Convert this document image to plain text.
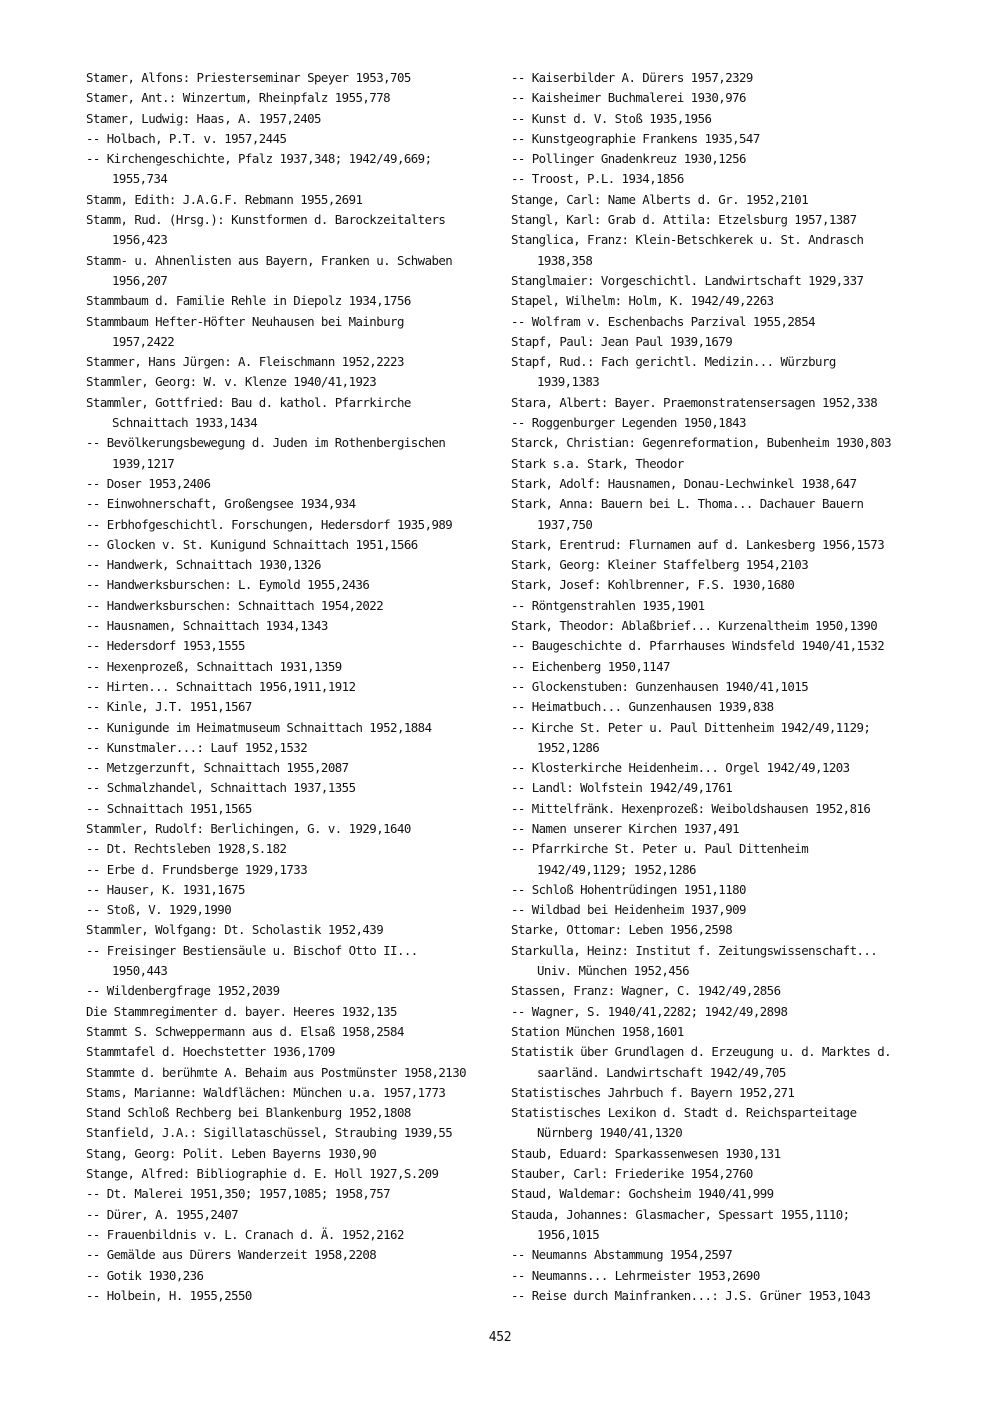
Stamer, Alfons: Priesterseminar Speyer 1953,705
Stamer, Ant.: Winzertum, Rheinpfalz 1955,778
Stamer, Ludwig: Haas, A. 1957,2405
-- Holbach, P.T. v. 1957,2445
-- Kirchengeschichte, Pfalz 1937,348; 1942/49,669;
1955,734
Stamm, Edith: J.A.G.F. Rebmann 1955,2691
Stamm, Rud. (Hrsg.): Kunstformen d. Barockzeitalters
1956,423
Stamm- u. Ahnenlisten aus Bayern, Franken u. Schwaben
1956,207
Stammbaum d. Familie Rehle in Diepolz 1934,1756
Stammbaum Hefter-Höfter Neuhausen bei Mainburg
1957,2422
Stammer, Hans Jürgen: A. Fleischmann 1952,2223
Stammler, Georg: W. v. Klenze 1940/41,1923
Stammler, Gottfried: Bau d. kathol. Pfarrkirche
Schnaittach 1933,1434
-- Bevölkerungsbewegung d. Juden im Rothenbergischen
1939,1217
-- Doser 1953,2406
-- Einwohnerschaft, Großengsee 1934,934
-- Erbhofgeschichtl. Forschungen, Hedersdorf 1935,989
-- Glocken v. St. Kunigund Schnaittach 1951,1566
-- Handwerk, Schnaittach 1930,1326
-- Handwerksburschen: L. Eymold 1955,2436
-- Handwerksburschen: Schnaittach 1954,2022
-- Hausnamen, Schnaittach 1934,1343
-- Hedersdorf 1953,1555
-- Hexenprozeß, Schnaittach 1931,1359
-- Hirten... Schnaittach 1956,1911,1912
-- Kinle, J.T. 1951,1567
-- Kunigunde im Heimatmuseum Schnaittach 1952,1884
-- Kunstmaler...: Lauf 1952,1532
-- Metzgerzunft, Schnaittach 1955,2087
-- Schmalzhandel, Schnaittach 1937,1355
-- Schnaittach 1951,1565
Stammler, Rudolf: Berlichingen, G. v. 1929,1640
-- Dt. Rechtsleben 1928,S.182
-- Erbe d. Frundsberge 1929,1733
-- Hauser, K. 1931,1675
-- Stoß, V. 1929,1990
Stammler, Wolfgang: Dt. Scholastik 1952,439
-- Freisinger Bestiensäule u. Bischof Otto II...
1950,443
-- Wildenbergfrage 1952,2039
Die Stammregimenter d. bayer. Heeres 1932,135
Stammt S. Schweppermann aus d. Elsaß 1958,2584
Stammtafel d. Hoechstetter 1936,1709
Stammte d. berühmte A. Behaim aus Postmünster 1958,2130
Stams, Marianne: Waldflächen: München u.a. 1957,1773
Stand Schloß Rechberg bei Blankenburg 1952,1808
Stanfield, J.A.: Sigillataschüssel, Straubing 1939,55
Stang, Georg: Polit. Leben Bayerns 1930,90
Stange, Alfred: Bibliographie d. E. Holl 1927,S.209
-- Dt. Malerei 1951,350; 1957,1085; 1958,757
-- Dürer, A. 1955,2407
-- Frauenbildnis v. L. Cranach d. Ä. 1952,2162
-- Gemälde aus Dürers Wanderzeit 1958,2208
-- Gotik 1930,236
-- Holbein, H. 1955,2550
-- Kaiserbilder A. Dürers 1957,2329
-- Kaisheimer Buchmalerei 1930,976
-- Kunst d. V. Stoß 1935,1956
-- Kunstgeographie Frankens 1935,547
-- Pollinger Gnadenkreuz 1930,1256
-- Troost, P.L. 1934,1856
Stange, Carl: Name Alberts d. Gr. 1952,2101
Stangl, Karl: Grab d. Attila: Etzelsburg 1957,1387
Stanglica, Franz: Klein-Betschkerek u. St. Andrasch
1938,358
Stanglmaier: Vorgeschichtl. Landwirtschaft 1929,337
Stapel, Wilhelm: Holm, K. 1942/49,2263
-- Wolfram v. Eschenbachs Parzival 1955,2854
Stapf, Paul: Jean Paul 1939,1679
Stapf, Rud.: Fach gerichtl. Medizin... Würzburg
1939,1383
Stara, Albert: Bayer. Praemonstratensersagen 1952,338
-- Roggenburger Legenden 1950,1843
Starck, Christian: Gegenreformation, Bubenheim 1930,803
Stark s.a. Stark, Theodor
Stark, Adolf: Hausnamen, Donau-Lechwinkel 1938,647
Stark, Anna: Bauern bei L. Thoma... Dachauer Bauern
1937,750
Stark, Erentrud: Flurnamen auf d. Lankesberg 1956,1573
Stark, Georg: Kleiner Staffelberg 1954,2103
Stark, Josef: Kohlbrenner, F.S. 1930,1680
-- Röntgenstrahlen 1935,1901
Stark, Theodor: Ablaßbrief... Kurzenaltheim 1950,1390
-- Baugeschichte d. Pfarrhauses Windsfeld 1940/41,1532
-- Eichenberg 1950,1147
-- Glockenstuben: Gunzenhausen 1940/41,1015
-- Heimatbuch... Gunzenhausen 1939,838
-- Kirche St. Peter u. Paul Dittenheim 1942/49,1129;
1952,1286
-- Klosterkirche Heidenheim... Orgel 1942/49,1203
-- Landl: Wolfstein 1942/49,1761
-- Mittelfränk. Hexenprozeß: Weiboldshausen 1952,816
-- Namen unserer Kirchen 1937,491
-- Pfarrkirche St. Peter u. Paul Dittenheim
1942/49,1129; 1952,1286
-- Schloß Hohentrüdingen 1951,1180
-- Wildbad bei Heidenheim 1937,909
Starke, Ottomar: Leben 1956,2598
Starkulla, Heinz: Institut f. Zeitungswissenschaft...
Univ. München 1952,456
Stassen, Franz: Wagner, C. 1942/49,2856
-- Wagner, S. 1940/41,2282; 1942/49,2898
Station München 1958,1601
Statistik über Grundlagen d. Erzeugung u. d. Marktes d.
saarländ. Landwirtschaft 1942/49,705
Statistisches Jahrbuch f. Bayern 1952,271
Statistisches Lexikon d. Stadt d. Reichsparteitage
Nürnberg 1940/41,1320
Staub, Eduard: Sparkassenwesen 1930,131
Stauber, Carl: Friederike 1954,2760
Staud, Waldemar: Gochsheim 1940/41,999
Stauda, Johannes: Glasmacher, Spessart 1955,1110;
1956,1015
-- Neumanns Abstammung 1954,2597
-- Neumanns... Lehrmeister 1953,2690
-- Reise durch Mainfranken...: J.S. Grüner 1953,1043
452
